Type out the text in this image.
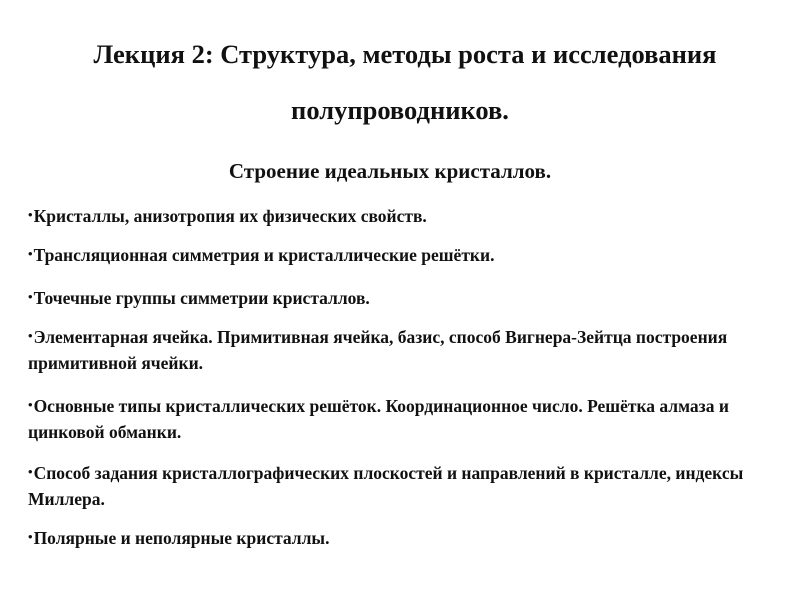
Лекция 2: Структура, методы роста и исследования
полупроводников.
Строение идеальных кристаллов.
•Кристаллы, анизотропия их физических свойств.
•Трансляционная симметрия и кристаллические решётки.
•Точечные группы симметрии кристаллов.
•Элементарная ячейка. Примитивная ячейка, базис, способ Вигнера-Зейтца построения примитивной ячейки.
•Основные типы кристаллических решёток. Координационное число. Решётка алмаза и цинковой обманки.
•Способ задания кристаллографических плоскостей и направлений в кристалле, индексы Миллера.
•Полярные и неполярные кристаллы.
